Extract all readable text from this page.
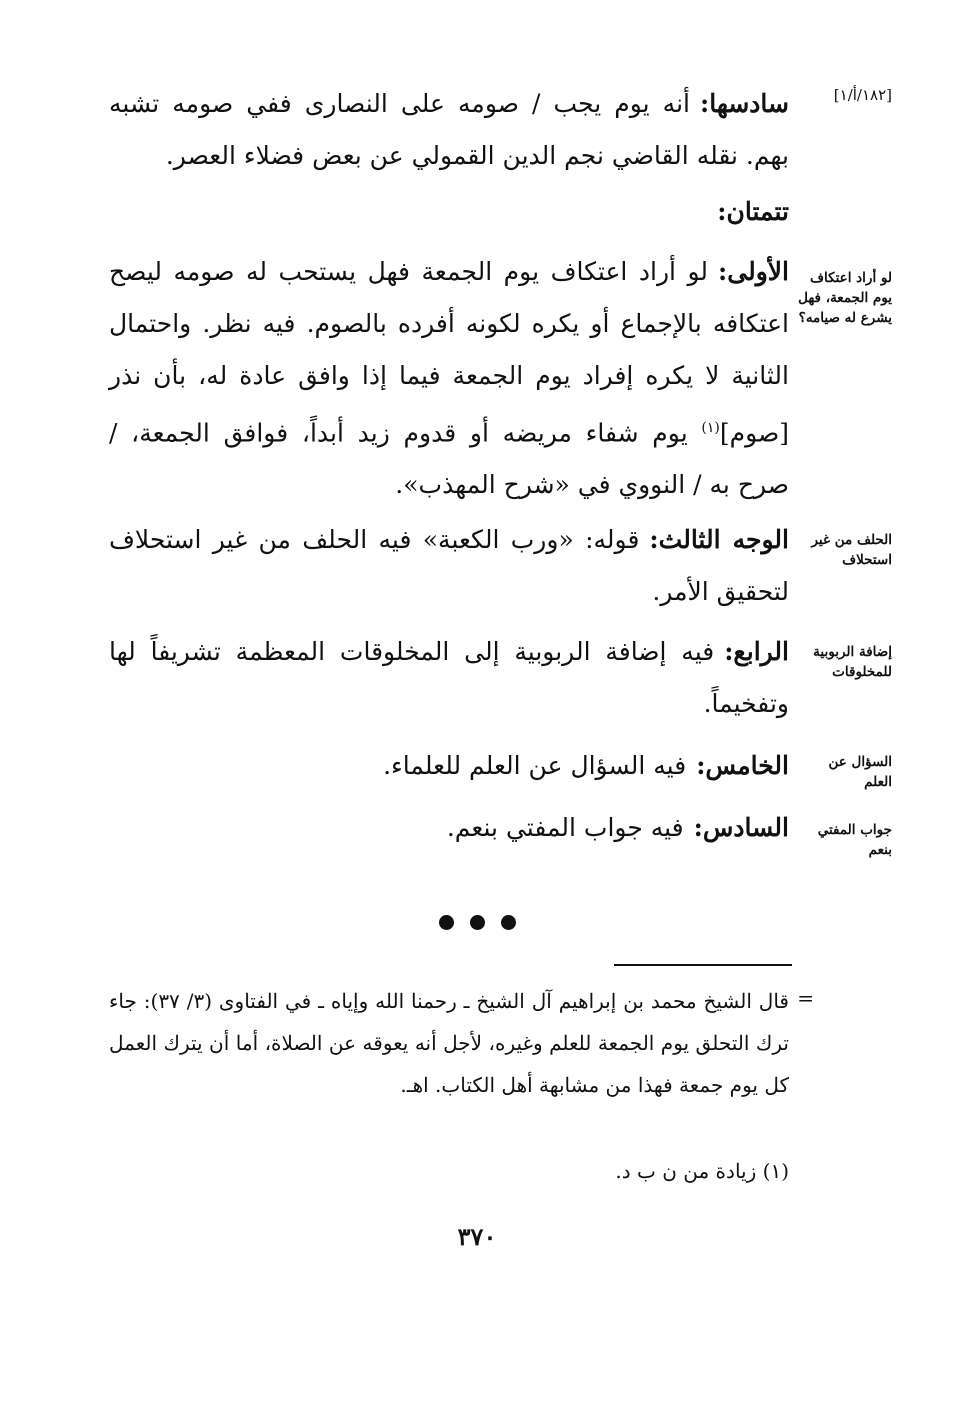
[١٨٢/أ/١]
سادسها:أنه يوم يجب / صومه على النصارى ففي صومه تشبه بهم. نقله القاضي نجم الدين القمولي عن بعض فضلاء العصر.
تتمتان:
لو أراد اعتكاف يوم الجمعة، فهل يشرع له صيامه؟
الأولى:لو أراد اعتكاف يوم الجمعة فهل يستحب له صومه ليصح اعتكافه بالإجماع أو يكره لكونه أفرده بالصوم. فيه نظر. واحتمال الثانية لا يكره إفراد يوم الجمعة فيما إذا وافق عادة له، بأن نذر [صوم]$^{(١)}$ يوم شفاء مريضه أو قدوم زيد أبداً، فوافق الجمعة، / صرح به / النووي في «شرح المهذب».
الحلف من غير استحلاف
الوجه الثالث:قوله: «ورب الكعبة» فيه الحلف من غير استحلاف لتحقيق الأمر.
إضافة الربوبية للمخلوقات
الرابع:فيه إضافة الربوبية إلى المخلوقات المعظمة تشريفاً لها وتفخيماً.
السؤال عن العلم
الخامس:فيه السؤال عن العلم للعلماء.
جواب المفتي بنعم
السادس:فيه جواب المفتي بنعم.
=
قال الشيخ محمد بن إبراهيم آل الشيخ ـ رحمنا الله وإياه ـ في الفتاوى (٣/ ٣٧): جاء ترك التحلق يوم الجمعة للعلم وغيره، لأجل أنه يعوقه عن الصلاة، أما أن يترك العمل كل يوم جمعة فهذا من مشابهة أهل الكتاب. اهـ.
(١) زيادة من ن ب د.
٣٧٠
